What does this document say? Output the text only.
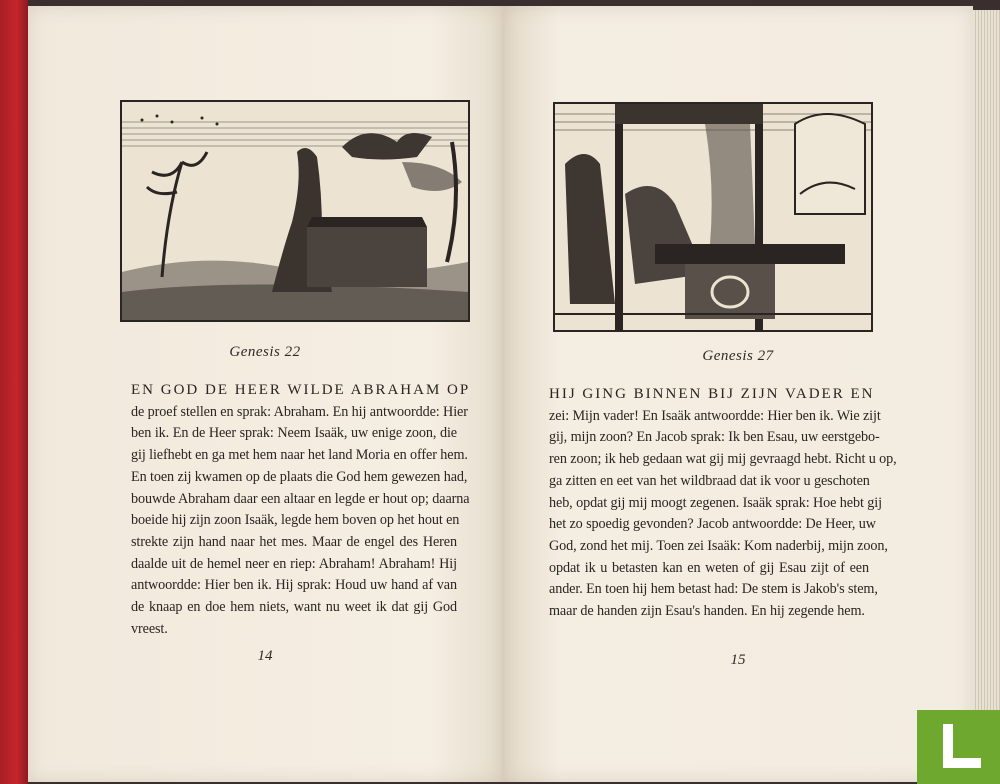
Genesis 22
EN GOD DE HEER WILDE ABRAHAM OP
de proef stellen en sprak: Abraham. En hij antwoordde: Hier
ben ik. En de Heer sprak: Neem Isaäk, uw enige zoon, die
gij liefhebt en ga met hem naar het land Moria en offer hem.
En toen zij kwamen op de plaats die God hem gewezen had,
bouwde Abraham daar een altaar en legde er hout op; daarna
boeide hij zijn zoon Isaäk, legde hem boven op het hout en
strekte zijn hand naar het mes. Maar de engel des Heren
daalde uit de hemel neer en riep: Abraham! Abraham! Hij
antwoordde: Hier ben ik. Hij sprak: Houd uw hand af van
de knaap en doe hem niets, want nu weet ik dat gij God
vreest.
14
Genesis 27
HIJ GING BINNEN BIJ ZIJN VADER EN
zei: Mijn vader! En Isaäk antwoordde: Hier ben ik. Wie zijt
gij, mijn zoon? En Jacob sprak: Ik ben Esau, uw eerstgebo-
ren zoon; ik heb gedaan wat gij mij gevraagd hebt. Richt u op,
ga zitten en eet van het wildbraad dat ik voor u geschoten
heb, opdat gij mij moogt zegenen. Isaäk sprak: Hoe hebt gij
het zo spoedig gevonden? Jacob antwoordde: De Heer, uw
God, zond het mij. Toen zei Isaäk: Kom naderbij, mijn zoon,
opdat ik u betasten kan en weten of gij Esau zijt of een
ander. En toen hij hem betast had: De stem is Jakob's stem,
maar de handen zijn Esau's handen. En hij zegende hem.
15
